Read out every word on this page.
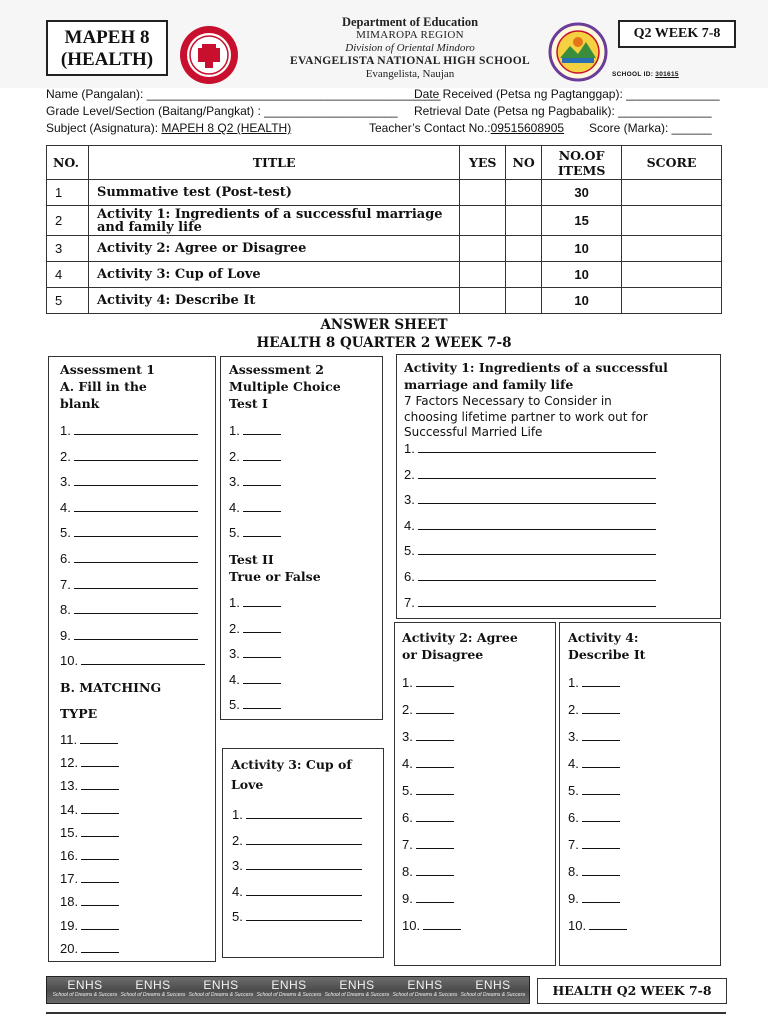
MAPEH 8
(HEALTH)
Department of Education
MIMAROPA REGION
Division of Oriental Mindoro
EVANGELISTA NATIONAL HIGH SCHOOL
Evangelista, Naujan
Q2 WEEK 7-8
SCHOOL ID: 301615
Name (Pangalan): ____________________________________________
Date Received (Petsa ng Pagtanggap): ______________
Grade Level/Section (Baitang/Pangkat) : ____________________ Retrieval Date (Petsa ng Pagbabalik): ______________
Subject (Asignatura): MAPEH 8 Q2 (HEALTH)	Teacher’s Contact No.:09515608905 Score (Marka): ______
NO.	TITLE	YES	NO	NO.OF ITEMS	SCORE
1	Summative test (Post-test)			30	
2	Activity 1: Ingredients of a successful marriage and family life			15	
3	Activity 2: Agree or Disagree			10	
4	Activity 3: Cup of Love			10	
5	Activity 4: Describe It			10	
ANSWER SHEET
HEALTH 8 QUARTER 2 WEEK 7-8
Assessment 1
A. Fill in the
blank
B. MATCHING
TYPE
1.
2.
3.
4.
5.
6.
7.
8.
9.
10.
11.
12.
13.
14.
15.
16.
17.
18.
19.
20.
Assessment 2
Multiple Choice
Test I
Test II
True or False
1.
2.
3.
4.
5.
1.
2.
3.
4.
5.
Activity 1: Ingredients of a successful
marriage and family life
7 Factors Necessary to Consider in
choosing lifetime partner to work out for
Successful Married Life
1.
2.
3.
4.
5.
6.
7.
Activity 3: Cup of
Love
1.
2.
3.
4.
5.
Activity 2: Agree
or Disagree
1.
2.
3.
4.
5.
6.
7.
8.
9.
10.
Activity 4:
Describe It
1.
2.
3.
4.
5.
6.
7.
8.
9.
10.
ENHS
School of Dreams & Success
ENHS
School of Dreams & Success
ENHS
School of Dreams & Success
ENHS
School of Dreams & Success
ENHS
School of Dreams & Success
ENHS
School of Dreams & Success
ENHS
School of Dreams & Success	HEALTH Q2 WEEK 7-8
